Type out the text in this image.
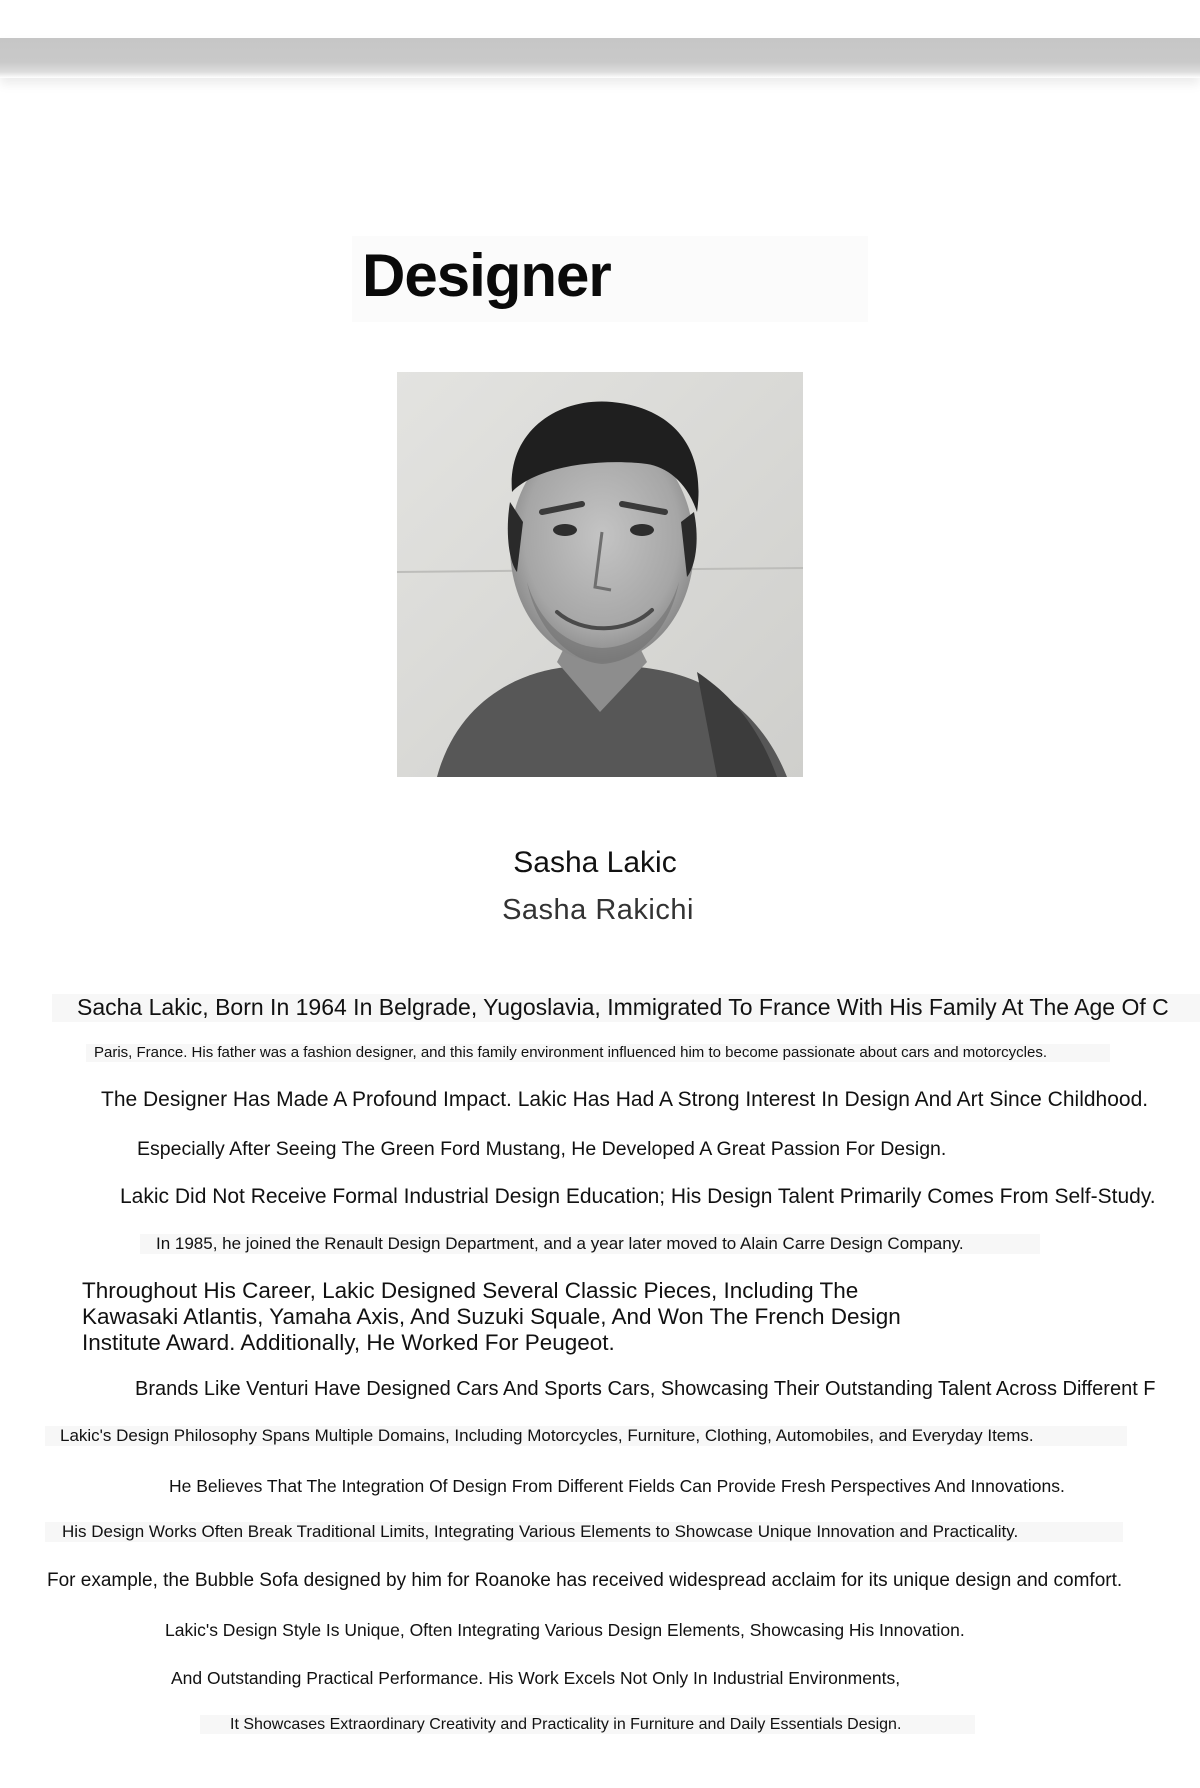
Designer
Sasha Lakic
Sasha Rakichi
Sacha Lakic, Born In 1964 In Belgrade, Yugoslavia, Immigrated To France With His Family At The Age Of C
Paris, France. His father was a fashion designer, and this family environment influenced him to become passionate about cars and motorcycles.
The Designer Has Made A Profound Impact. Lakic Has Had A Strong Interest In Design And Art Since Childhood.
Especially After Seeing The Green Ford Mustang, He Developed A Great Passion For Design.
Lakic Did Not Receive Formal Industrial Design Education; His Design Talent Primarily Comes From Self-Study.
In 1985, he joined the Renault Design Department, and a year later moved to Alain Carre Design Company.
Throughout His Career, Lakic Designed Several Classic Pieces, Including The
Kawasaki Atlantis, Yamaha Axis, And Suzuki Squale, And Won The French Design
Institute Award. Additionally, He Worked For Peugeot.
Brands Like Venturi Have Designed Cars And Sports Cars, Showcasing Their Outstanding Talent Across Different F
Lakic's Design Philosophy Spans Multiple Domains, Including Motorcycles, Furniture, Clothing, Automobiles, and Everyday Items.
He Believes That The Integration Of Design From Different Fields Can Provide Fresh Perspectives And Innovations.
His Design Works Often Break Traditional Limits, Integrating Various Elements to Showcase Unique Innovation and Practicality.
For example, the Bubble Sofa designed by him for Roanoke has received widespread acclaim for its unique design and comfort.
Lakic's Design Style Is Unique, Often Integrating Various Design Elements, Showcasing His Innovation.
And Outstanding Practical Performance. His Work Excels Not Only In Industrial Environments,
It Showcases Extraordinary Creativity and Practicality in Furniture and Daily Essentials Design.
